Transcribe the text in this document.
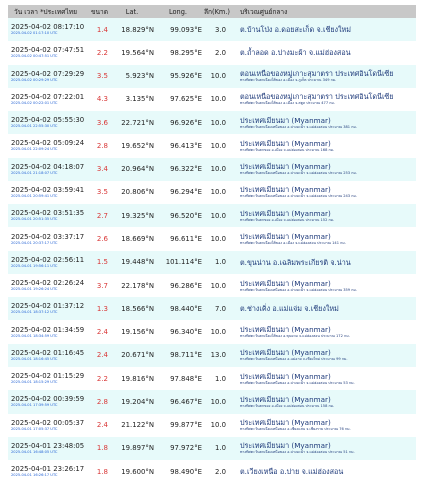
วัน เวลา *ประเทศไทย	ขนาด	Lat.	Long.	ลึก(Km.)	บริเวณศูนย์กลาง
2025-04-02 08:17:10
2025-04-02 01:17:10 UTC	1.4	18.829°N	99.093°E	3.0	ต.บ้านโป่ง อ.ดอยสะเก็ด จ.เชียงใหม่
2025-04-02 07:47:51
2025-04-02 00:47:51 UTC	2.2	19.564°N	98.295°E	2.0	ต.ถ้ำลอด อ.ปางมะผ้า จ.แม่ฮ่องสอน
2025-04-02 07:29:29
2025-04-02 00:29:29 UTC	3.5	5.923°N	95.926°E	10.0	ตอนเหนือของหมู่เกาะสุมาตรา ประเทศอินโดนีเซีย
ทางทิศตะวันตกเฉียงใต้ของ อ.เมือง จ.ภูเก็ต ประมาณ 349 กม.
2025-04-02 07:22:01
2025-04-02 00:22:01 UTC	4.3	3.135°N	97.625°E	10.0	ตอนเหนือของหมู่เกาะสุมาตรา ประเทศอินโดนีเซีย
ทางทิศตะวันตกเฉียงใต้ของ อ.เมือง จ.สตูล ประมาณ 477 กม.
2025-04-02 05:55:30
2025-04-01 22:55:30 UTC	3.6	22.721°N	96.926°E	10.0	ประเทศเมียนมา (Myanmar)
ทางทิศตะวันตกเฉียงเหนือของ อ.ปางมะผ้า จ.แม่ฮ่องสอน ประมาณ 381 กม.
2025-04-02 05:09:24
2025-04-01 22:09:24 UTC	2.8	19.652°N	96.413°E	10.0	ประเทศเมียนมา (Myanmar)
ทางทิศตะวันตกของ อ.เมือง จ.แม่ฮ่องสอน ประมาณ 168 กม.
2025-04-02 04:18:07
2025-04-01 21:18:07 UTC	3.4	20.964°N	96.322°E	10.0	ประเทศเมียนมา (Myanmar)
ทางทิศตะวันตกเฉียงเหนือของ อ.ปางมะผ้า จ.แม่ฮ่องสอน ประมาณ 253 กม.
2025-04-02 03:59:41
2025-04-01 20:59:41 UTC	3.5	20.806°N	96.294°E	10.0	ประเทศเมียนมา (Myanmar)
ทางทิศตะวันตกเฉียงเหนือของ อ.ปางมะผ้า จ.แม่ฮ่องสอน ประมาณ 243 กม.
2025-04-02 03:51:35
2025-04-01 20:51:35 UTC	2.7	19.325°N	96.520°E	10.0	ประเทศเมียนมา (Myanmar)
ทางทิศตะวันตกของ อ.เมือง จ.แม่ฮ่องสอน ประมาณ 152 กม.
2025-04-02 03:37:17
2025-04-01 20:37:17 UTC	2.6	18.669°N	96.611°E	10.0	ประเทศเมียนมา (Myanmar)
ทางทิศตะวันตกเฉียงใต้ของ อ.เมือง จ.แม่ฮ่องสอน ประมาณ 141 กม.
2025-04-02 02:56:11
2025-04-01 19:56:11 UTC	1.5	19.448°N	101.114°E	1.0	ต.ขุนน่าน อ.เฉลิมพระเกียรติ จ.น่าน
2025-04-02 02:26:24
2025-04-01 19:26:24 UTC	3.7	22.178°N	96.286°E	10.0	ประเทศเมียนมา (Myanmar)
ทางทิศตะวันตกเฉียงเหนือของ อ.ปางมะผ้า จ.แม่ฮ่องสอน ประมาณ 359 กม.
2025-04-02 01:37:12
2025-04-01 18:37:12 UTC	1.3	18.566°N	98.440°E	7.0	ต.ช่างเคิ่ง อ.แม่แจ่ม จ.เชียงใหม่
2025-04-02 01:34:59
2025-04-01 18:34:59 UTC	2.4	19.156°N	96.340°E	10.0	ประเทศเมียนมา (Myanmar)
ทางทิศตะวันตกเฉียงใต้ของ อ.ขุนยวม จ.แม่ฮ่องสอน ประมาณ 172 กม.
2025-04-02 01:16:45
2025-04-01 18:16:45 UTC	2.4	20.671°N	98.711°E	13.0	ประเทศเมียนมา (Myanmar)
ทางทิศตะวันตกเฉียงเหนือของ อ.แม่อาย จ.เชียงใหม่ ประมาณ 99 กม.
2025-04-02 01:15:29
2025-04-01 18:15:29 UTC	2.2	19.816°N	97.848°E	1.0	ประเทศเมียนมา (Myanmar)
ทางทิศตะวันตกเฉียงเหนือของ อ.ปางมะผ้า จ.แม่ฮ่องสอน ประมาณ 53 กม.
2025-04-02 00:39:59
2025-04-01 17:39:59 UTC	2.8	19.204°N	96.467°E	10.0	ประเทศเมียนมา (Myanmar)
ทางทิศตะวันตกของ อ.เมือง จ.แม่ฮ่องสอน ประมาณ 158 กม.
2025-04-02 00:05:37
2025-04-01 17:05:37 UTC	2.4	21.122°N	99.877°E	10.0	ประเทศเมียนมา (Myanmar)
ทางทิศตะวันตกเฉียงเหนือของ อ.เชียงแสน จ.เชียงราย ประมาณ 76 กม.
2025-04-01 23:48:05
2025-04-01 16:48:05 UTC	1.8	19.897°N	97.972°E	1.0	ประเทศเมียนมา (Myanmar)
ทางทิศตะวันตกเฉียงเหนือของ อ.ปางมะผ้า จ.แม่ฮ่องสอน ประมาณ 51 กม.
2025-04-01 23:26:17
2025-04-01 16:26:17 UTC	1.8	19.600°N	98.490°E	2.0	ต.เวียงเหนือ อ.ปาย จ.แม่ฮ่องสอน
